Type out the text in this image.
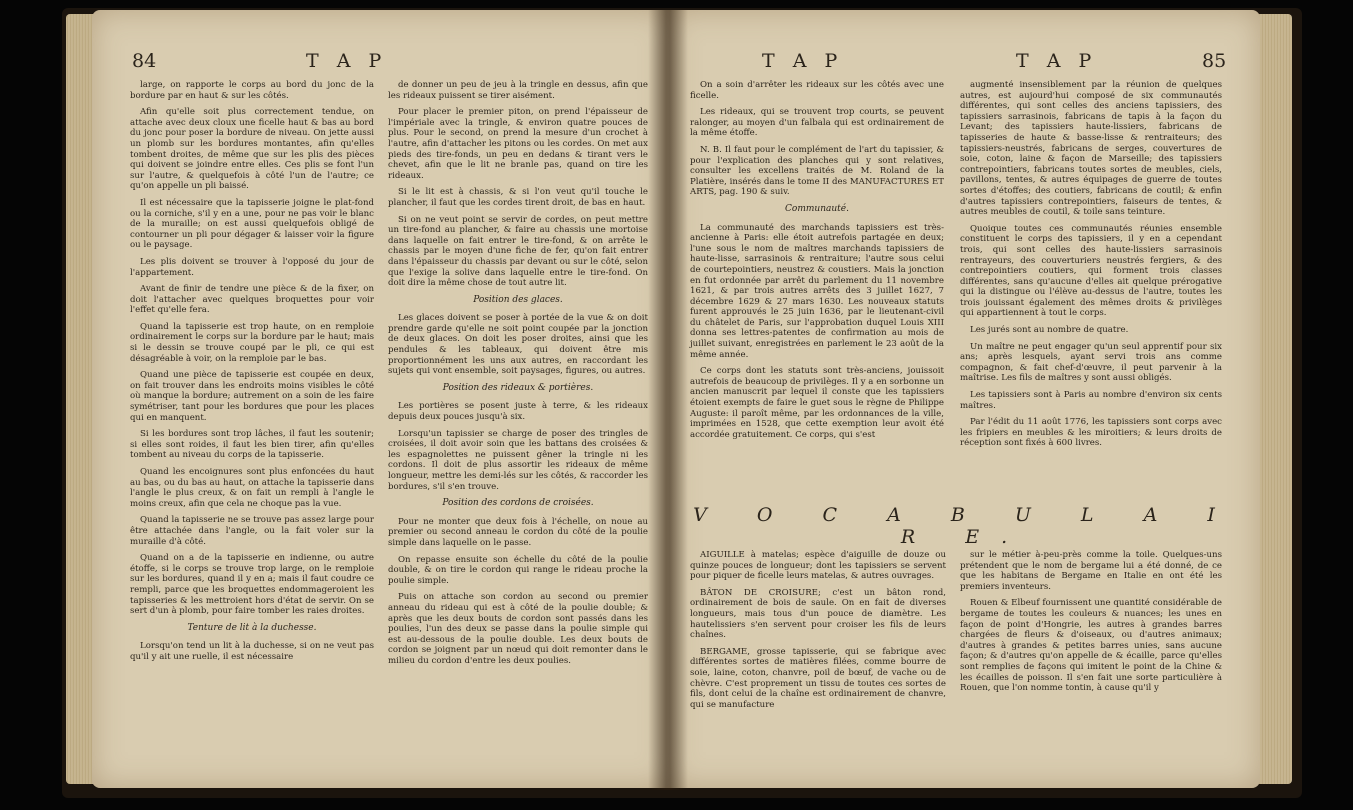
84	T A P

large, on rapporte le corps au bord du jonc de la bordure par en haut & sur les côtés.

Afin qu'elle soit plus correctement tendue, on attache avec deux cloux une ficelle haut & bas au bord du jonc pour poser la bordure de niveau. On jette aussi un plomb sur les bordures montantes, afin qu'elles tombent droites, de même que sur les plis des pièces qui doivent se joindre entre elles. Ces plis se font l'un sur l'autre, & quelquefois à côté l'un de l'autre; ce qu'on appelle un pli baissé.

Il est nécessaire que la tapisserie joigne le plat-fond ou la corniche, s'il y en a une, pour ne pas voir le blanc de la muraille; on est aussi quelquefois obligé de contourner un pli pour dégager & laisser voir la figure ou le paysage.

Les plis doivent se trouver à l'opposé du jour de l'appartement.

Avant de finir de tendre une pièce & de la fixer, on doit l'attacher avec quelques broquettes pour voir l'effet qu'elle fera.

Quand la tapisserie est trop haute, on en remploie ordinairement le corps sur la bordure par le haut; mais si le dessin se trouve coupé par le pli, ce qui est désagréable à voir, on la remploie par le bas.

Quand une pièce de tapisserie est coupée en deux, on fait trouver dans les endroits moins visibles le côté où manque la bordure; autrement on a soin de les faire symétriser, tant pour les bordures que pour les places qui en manquent.

Si les bordures sont trop lâches, il faut les soutenir; si elles sont roides, il faut les bien tirer, afin qu'elles tombent au niveau du corps de la tapisserie.

Quand les encoignures sont plus enfoncées du haut au bas, ou du bas au haut, on attache la tapisserie dans l'angle le plus creux, & on fait un rempli à l'angle le moins creux, afin que cela ne choque pas la vue.

Quand la tapisserie ne se trouve pas assez large pour être attachée dans l'angle, ou la fait voler sur la muraille d'à côté.

Quand on a de la tapisserie en indienne, ou autre étoffe, si le corps se trouve trop large, on le remploie sur les bordures, quand il y en a; mais il faut coudre ce rempli, parce que les broquettes endommageroient les tapisseries & les mettroient hors d'état de servir. On se sert d'un à plomb, pour faire tomber les raies droites.

Tenture de lit à la duchesse.

Lorsqu'on tend un lit à la duchesse, si on ne veut pas qu'il y ait une ruelle, il est nécessaire

de donner un peu de jeu à la tringle en dessus, afin que les rideaux puissent se tirer aisément.

Pour placer le premier piton, on prend l'épaisseur de l'impériale avec la tringle, & environ quatre pouces de plus. Pour le second, on prend la mesure d'un crochet à l'autre, afin d'attacher les pitons ou les cordes. On met aux pieds des tire-fonds, un peu en dedans & tirant vers le chevet, afin que le lit ne branle pas, quand on tire les rideaux.

Si le lit est à chassis, & si l'on veut qu'il touche le plancher, il faut que les cordes tirent droit, de bas en haut.

Si on ne veut point se servir de cordes, on peut mettre un tire-fond au plancher, & faire au chassis une mortoise dans laquelle on fait entrer le tire-fond, & on arrête le chassis par le moyen d'une fiche de fer, qu'on fait entrer dans l'épaisseur du chassis par devant ou sur le côté, selon que l'exige la solive dans laquelle entre le tire-fond. On doit dire la même chose de tout autre lit.

Position des glaces.

Les glaces doivent se poser à portée de la vue & on doit prendre garde qu'elle ne soit point coupée par la jonction de deux glaces. On doit les poser droites, ainsi que les pendules & les tableaux, qui doivent être mis proportionnément les uns aux autres, en raccordant les sujets qui vont ensemble, soit paysages, figures, ou autres.

Position des rideaux & portières.

Les portières se posent juste à terre, & les rideaux depuis deux pouces jusqu'à six.

Lorsqu'un tapissier se charge de poser des tringles de croisées, il doit avoir soin que les battans des croisées & les espagnolettes ne puissent gêner la tringle ni les cordons. Il doit de plus assortir les rideaux de même longueur, mettre les demi-lés sur les côtés, & raccorder les bordures, s'il s'en trouve.

Position des cordons de croisées.

Pour ne monter que deux fois à l'échelle, on noue au premier ou second anneau le cordon du côté de la poulie simple dans laquelle on le passe.

On repasse ensuite son échelle du côté de la poulie double, & on tire le cordon qui range le rideau proche la poulie simple.

Puis on attache son cordon au second ou premier anneau du rideau qui est à côté de la poulie double; & après que les deux bouts de cordon sont passés dans les poulies, l'un des deux se passe dans la poulie simple qui est au-dessous de la poulie double. Les deux bouts de cordon se joignent par un nœud qui doit remonter dans le milieu du cordon d'entre les deux poulies.

T A P	T A P	85

On a soin d'arrêter les rideaux sur les côtés avec une ficelle.

Les rideaux, qui se trouvent trop courts, se peuvent ralonger, au moyen d'un falbala qui est ordinairement de la même étoffe.

N. B. Il faut pour le complément de l'art du tapissier, & pour l'explication des planches qui y sont relatives, consulter les excellens traités de M. Roland de la Platière, insérés dans le tome II des MANUFACTURES ET ARTS, pag. 190 & suiv.

Communauté.

La communauté des marchands tapissiers est très-ancienne à Paris: elle étoit autrefois partagée en deux; l'une sous le nom de maîtres marchands tapissiers de haute-lisse, sarrasinois & rentraiture; l'autre sous celui de courtepointiers, neustrez & coustiers. Mais la jonction en fut ordonnée par arrêt du parlement du 11 novembre 1621, & par trois autres arrêts des 3 juillet 1627, 7 décembre 1629 & 27 mars 1630. Les nouveaux statuts furent approuvés le 25 juin 1636, par le lieutenant-civil du châtelet de Paris, sur l'approbation duquel Louis XIII donna ses lettres-patentes de confirmation au mois de juillet suivant, enregistrées en parlement le 23 août de la même année.

Ce corps dont les statuts sont très-anciens, jouissoit autrefois de beaucoup de privilèges. Il y a en sorbonne un ancien manuscrit par lequel il conste que les tapissiers étoient exempts de faire le guet sous le règne de Philippe Auguste: il paroît même, par les ordonnances de la ville, imprimées en 1528, que cette exemption leur avoit été accordée gratuitement. Ce corps, qui s'est

augmenté insensiblement par la réunion de quelques autres, est aujourd'hui composé de six communautés différentes, qui sont celles des anciens tapissiers, des tapissiers sarrasinois, fabricans de tapis à la façon du Levant; des tapissiers haute-lissiers, fabricans de tapisseries de haute & basse-lisse & rentraiteurs; des tapissiers-neustrés, fabricans de serges, couvertures de soie, coton, laine & façon de Marseille; des tapissiers contrepointiers, fabricans toutes sortes de meubles, ciels, pavillons, tentes, & autres équipages de guerre de toutes sortes d'étoffes; des coutiers, fabricans de coutil; & enfin d'autres tapissiers contrepointiers, faiseurs de tentes, & autres meubles de coutil, & toile sans teinture.

Quoique toutes ces communautés réunies ensemble constituent le corps des tapissiers, il y en a cependant trois, qui sont celles des haute-lissiers sarrasinois rentrayeurs, des couverturiers neustrés fergiers, & des contrepointiers coutiers, qui forment trois classes différentes, sans qu'aucune d'elles ait quelque prérogative qui la distingue ou l'élève au-dessus de l'autre, toutes les trois jouissant également des mêmes droits & privilèges qui appartiennent à tout le corps.

Les jurés sont au nombre de quatre.

Un maître ne peut engager qu'un seul apprentif pour six ans; après lesquels, ayant servi trois ans comme compagnon, & fait chef-d'œuvre, il peut parvenir à la maîtrise. Les fils de maîtres y sont aussi obligés.

Les tapissiers sont à Paris au nombre d'environ six cents maîtres.

Par l'édit du 11 août 1776, les tapissiers sont corps avec les fripiers en meubles & les miroitiers; & leurs droits de réception sont fixés à 600 livres.

V O C A B U L A I R E.

AIGUILLE à matelas; espèce d'aiguille de douze ou quinze pouces de longueur; dont les tapissiers se servent pour piquer de ficelle leurs matelas, & autres ouvrages.

BÂTON DE CROISURE; c'est un bâton rond, ordinairement de bois de saule. On en fait de diverses longueurs, mais tous d'un pouce de diamètre. Les hautelissiers s'en servent pour croiser les fils de leurs chaînes.

BERGAME, grosse tapisserie, qui se fabrique avec différentes sortes de matières filées, comme bourre de soie, laine, coton, chanvre, poil de bœuf, de vache ou de chèvre. C'est proprement un tissu de toutes ces sortes de fils, dont celui de la chaîne est ordinairement de chanvre, qui se manufacture

sur le métier à-peu-près comme la toile. Quelques-uns prétendent que le nom de bergame lui a été donné, de ce que les habitans de Bergame en Italie en ont été les premiers inventeurs.

Rouen & Elbeuf fournissent une quantité considérable de bergame de toutes les couleurs & nuances; les unes en façon de point d'Hongrie, les autres à grandes barres chargées de fleurs & d'oiseaux, ou d'autres animaux; d'autres à grandes & petites barres unies, sans aucune façon; & d'autres qu'on appelle de & écaille, parce qu'elles sont remplies de façons qui imitent le point de la Chine & les écailles de poisson. Il s'en fait une sorte particulière à Rouen, que l'on nomme tontin, à cause qu'il y
